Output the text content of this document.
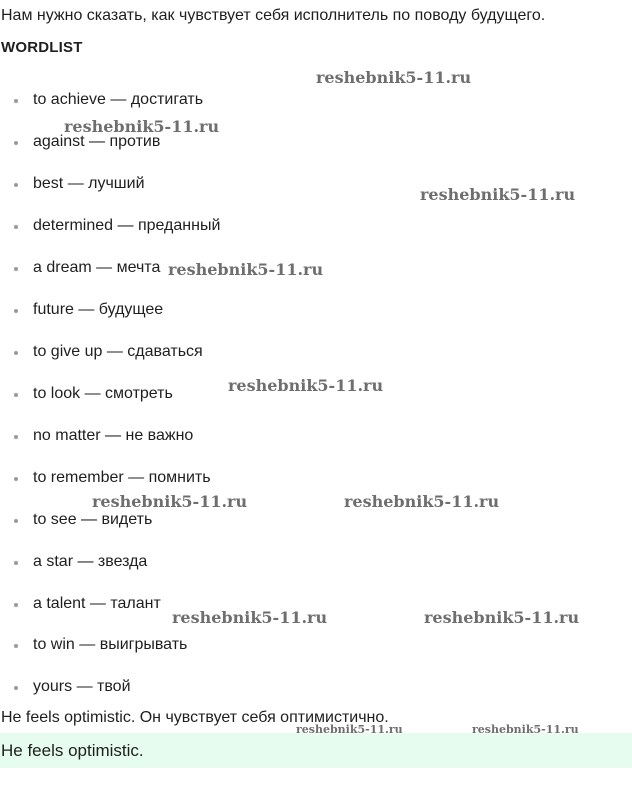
Нам нужно сказать, как чувствует себя исполнитель по поводу будущего.
WORDLIST
to achieve — достигать
against — против
best — лучший
determined — преданный
a dream — мечта
future — будущее
to give up — сдаваться
to look — смотреть
no matter — не важно
to remember — помнить
to see — видеть
a star — звезда
a talent — талант
to win — выигрывать
yours — твой
He feels optimistic. Он чувствует себя оптимистично.
He feels optimistic.
reshebnik5-11.ru
reshebnik5-11.ru
reshebnik5-11.ru
reshebnik5-11.ru
reshebnik5-11.ru
reshebnik5-11.ru	reshebnik5-11.ru
reshebnik5-11.ru	reshebnik5-11.ru
reshebnik5-11.ru	reshebnik5-11.ru
